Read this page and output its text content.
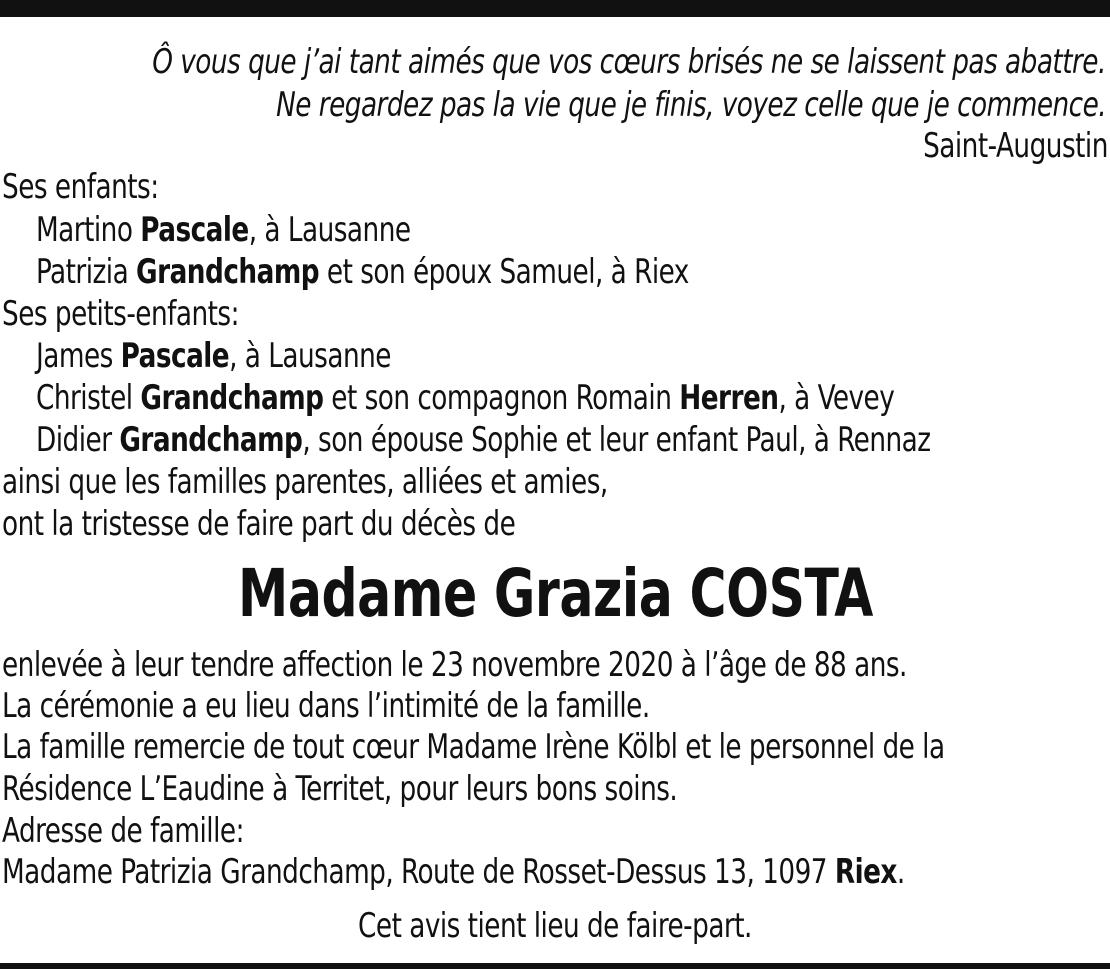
Ô vous que j’ai tant aimés que vos cœurs brisés ne se laissent pas abattre.
Ne regardez pas la vie que je finis, voyez celle que je commence.
Saint-Augustin
Ses enfants:
Martino Pascale, à Lausanne
Patrizia Grandchamp et son époux Samuel, à Riex
Ses petits-enfants:
James Pascale, à Lausanne
Christel Grandchamp et son compagnon Romain Herren, à Vevey
Didier Grandchamp, son épouse Sophie et leur enfant Paul, à Rennaz
ainsi que les familles parentes, alliées et amies,
ont la tristesse de faire part du décès de
Madame Grazia COSTA
enlevée à leur tendre affection le 23 novembre 2020 à l’âge de 88 ans.
La cérémonie a eu lieu dans l’intimité de la famille.
La famille remercie de tout cœur Madame Irène Kölbl et le personnel de la
Résidence L’Eaudine à Territet, pour leurs bons soins.
Adresse de famille:
Madame Patrizia Grandchamp, Route de Rosset-Dessus 13, 1097 Riex.
Cet avis tient lieu de faire-part.
